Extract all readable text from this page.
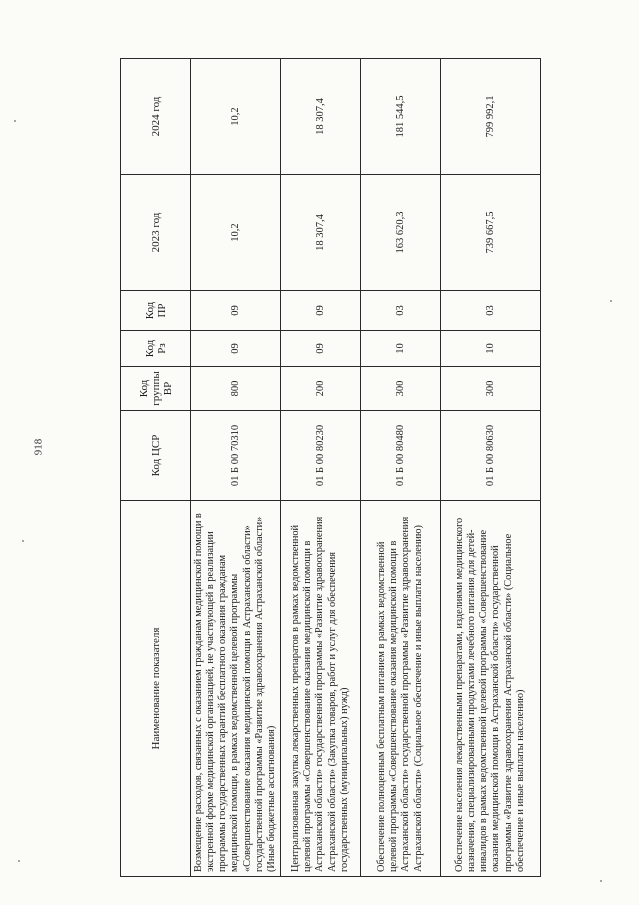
918
Наименование показателя	Код ЦСР	Код группы ВР	Код Рз	Код ПР	2023 год	2024 год
Возмещение расходов, связанных с оказанием гражданам медицинской помощи в экстренной форме медицинской организацией, не участвующей в реализации программы государственных гарантий бесплатного оказания гражданам медицинской помощи, в рамках ведомственной целевой программы «Совершенствование оказания медицинской помощи в Астраханской области» государственной программы «Развитие здравоохранения Астраханской области» (Иные бюджетные ассигнования)	01 Б 00 70310	800	09	09	10,2	10,2
Централизованная закупка лекарственных препаратов в рамках ведомственной целевой программы «Совершенствование оказания медицинской помощи в Астраханской области» государственной программы «Развитие здравоохранения Астраханской области» (Закупка товаров, работ и услуг для обеспечения государственных (муниципальных) нужд)	01 Б 00 80230	200	09	09	18 307,4	18 307,4
Обеспечение полноценным бесплатным питанием в рамках ведомственной целевой программы «Совершенствование оказания медицинской помощи в Астраханской области» государственной программы «Развитие здравоохранения Астраханской области» (Социальное обеспечение и иные выплаты населению)	01 Б 00 80480	300	10	03	163 620,3	181 544,5
Обеспечение населения лекарственными препаратами, изделиями медицинского назначения, специализированными продуктами лечебного питания для детей-инвалидов в рамках ведомственной целевой программы «Совершенствование оказания медицинской помощи в Астраханской области» государственной программы «Развитие здравоохранения Астраханской области» (Социальное обеспечение и иные выплаты населению)	01 Б 00 80630	300	10	03	739 667,5	799 992,1
